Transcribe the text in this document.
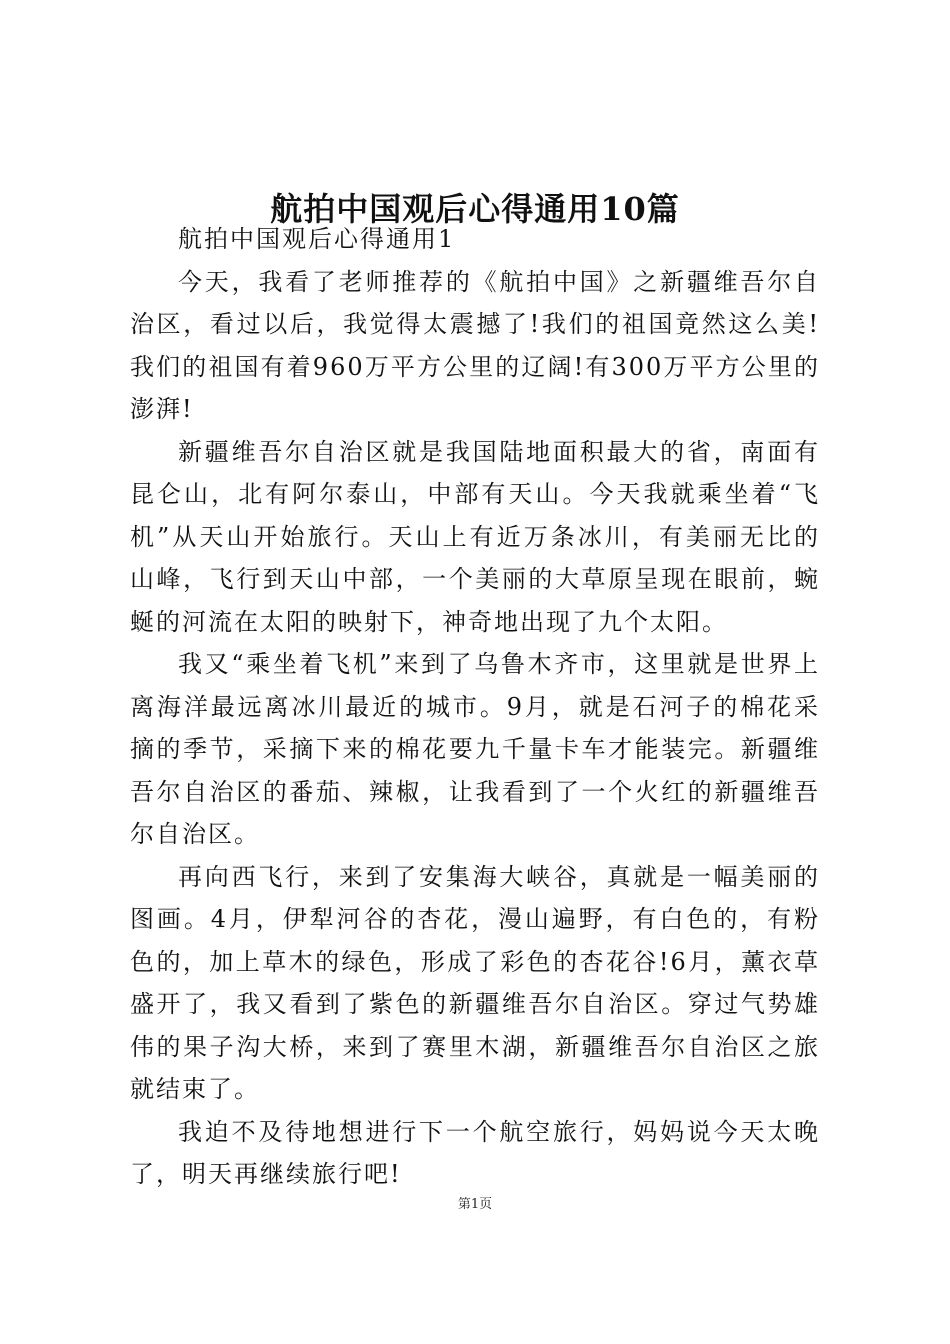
航拍中国观后心得通用10篇

航拍中国观后心得通用1

今天，我看了老师推荐的《航拍中国》之新疆维吾尔自治区，看过以后，我觉得太震撼了!我们的祖国竟然这么美!我们的祖国有着960万平方公里的辽阔!有300万平方公里的澎湃!

新疆维吾尔自治区就是我国陆地面积最大的省，南面有昆仑山，北有阿尔泰山，中部有天山。今天我就乘坐着“飞机”从天山开始旅行。天山上有近万条冰川，有美丽无比的山峰，飞行到天山中部，一个美丽的大草原呈现在眼前，蜿蜒的河流在太阳的映射下，神奇地出现了九个太阳。

我又“乘坐着飞机”来到了乌鲁木齐市，这里就是世界上离海洋最远离冰川最近的城市。9月，就是石河子的棉花采摘的季节，采摘下来的棉花要九千量卡车才能装完。新疆维吾尔自治区的番茄、辣椒，让我看到了一个火红的新疆维吾尔自治区。

再向西飞行，来到了安集海大峡谷，真就是一幅美丽的图画。4月，伊犁河谷的杏花，漫山遍野，有白色的，有粉色的，加上草木的绿色，形成了彩色的杏花谷!6月，薰衣草盛开了，我又看到了紫色的新疆维吾尔自治区。穿过气势雄伟的果子沟大桥，来到了赛里木湖，新疆维吾尔自治区之旅就结束了。

我迫不及待地想进行下一个航空旅行，妈妈说今天太晚了，明天再继续旅行吧!

第1页
